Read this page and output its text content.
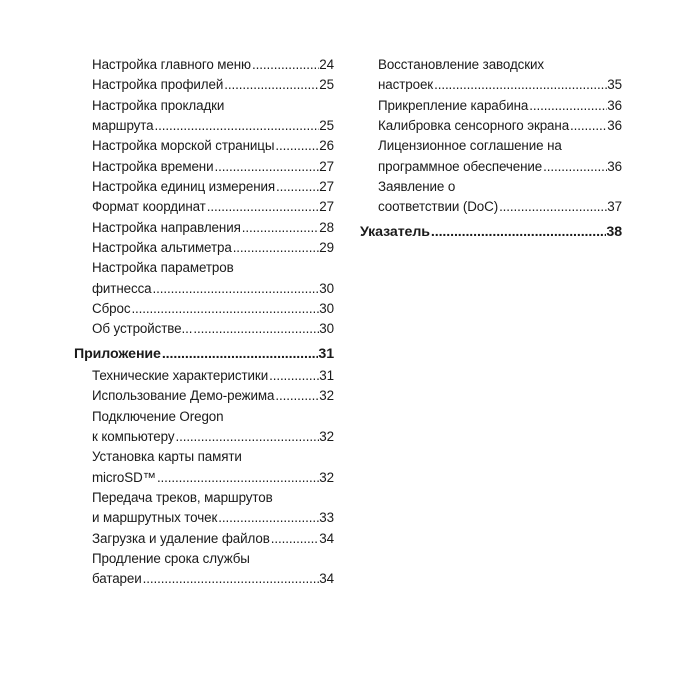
Настройка главного меню .....	24
Настройка профилей .....	25
Настройка прокладки
маршрута .....	25
Настройка морской страницы .....	26
Настройка времени .....	27
Настройка единиц измерения .....	27
Формат координат .....	27
Настройка направления .....	28
Настройка альтиметра .....	29
Настройка параметров
фитнесса .....	30
Сброс .....	30
Об устройстве... .....	30
Приложение .....	31
Технические характеристики .....	31
Использование Демо-режима .....	32
Подключение Oregon
к компьютеру .....	32
Установка карты памяти
microSD™ .....	32
Передача треков, маршрутов
и маршрутных точек .....	33
Загрузка и удаление файлов .....	34
Продление срока службы
батареи .....	34
Восстановление заводских
настроек .....	35
Прикрепление карабина .....	36
Калибровка сенсорного экрана .....	36
Лицензионное соглашение на
программное обеспечение .....	36
Заявление о
соответствии (DoC) .....	37
Указатель .....	38
